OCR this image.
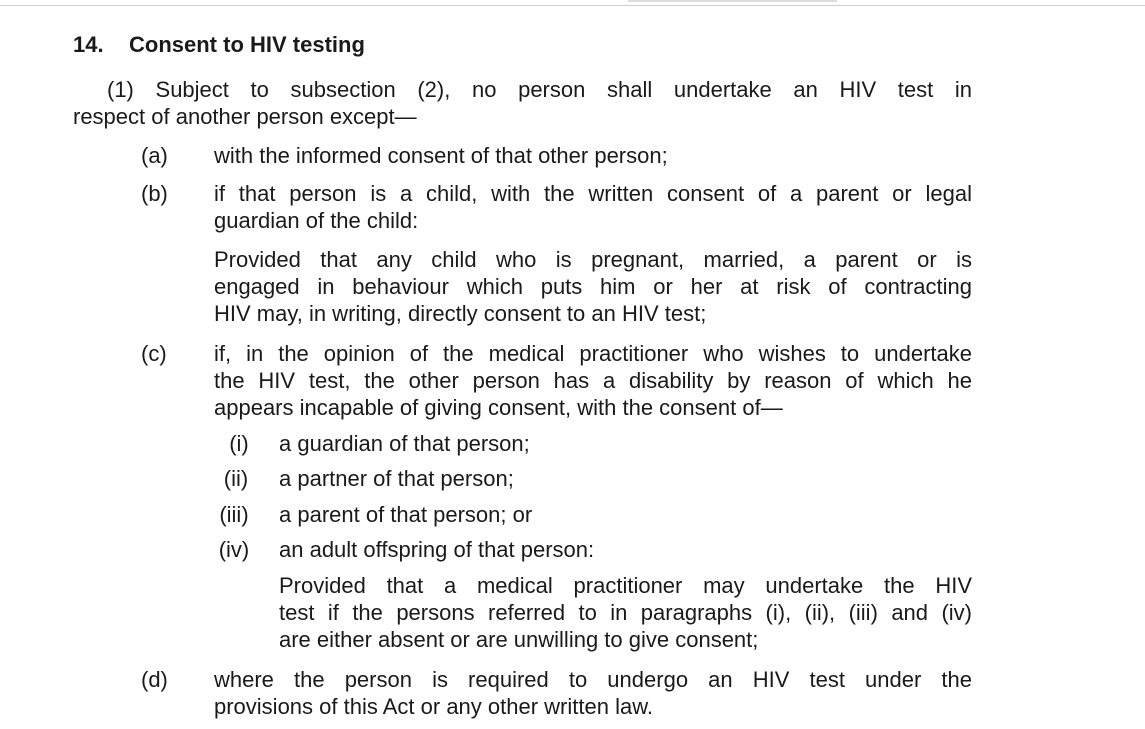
14. Consent to HIV testing
(1) Subject to subsection (2), no person shall undertake an HIV test in
respect of another person except—
(a) with the informed consent of that other person;
(b) if that person is a child, with the written consent of a parent or legal
guardian of the child:
Provided that any child who is pregnant, married, a parent or is
engaged in behaviour which puts him or her at risk of contracting
HIV may, in writing, directly consent to an HIV test;
(c) if, in the opinion of the medical practitioner who wishes to undertake
the HIV test, the other person has a disability by reason of which he
appears incapable of giving consent, with the consent of—
(i)	a guardian of that person;
(ii)	a partner of that person;
(iii)	a parent of that person; or
(iv)	an adult offspring of that person:
Provided that a medical practitioner may undertake the HIV
test if the persons referred to in paragraphs (i), (ii), (iii) and (iv)
are either absent or are unwilling to give consent;
(d) where the person is required to undergo an HIV test under the
provisions of this Act or any other written law.
